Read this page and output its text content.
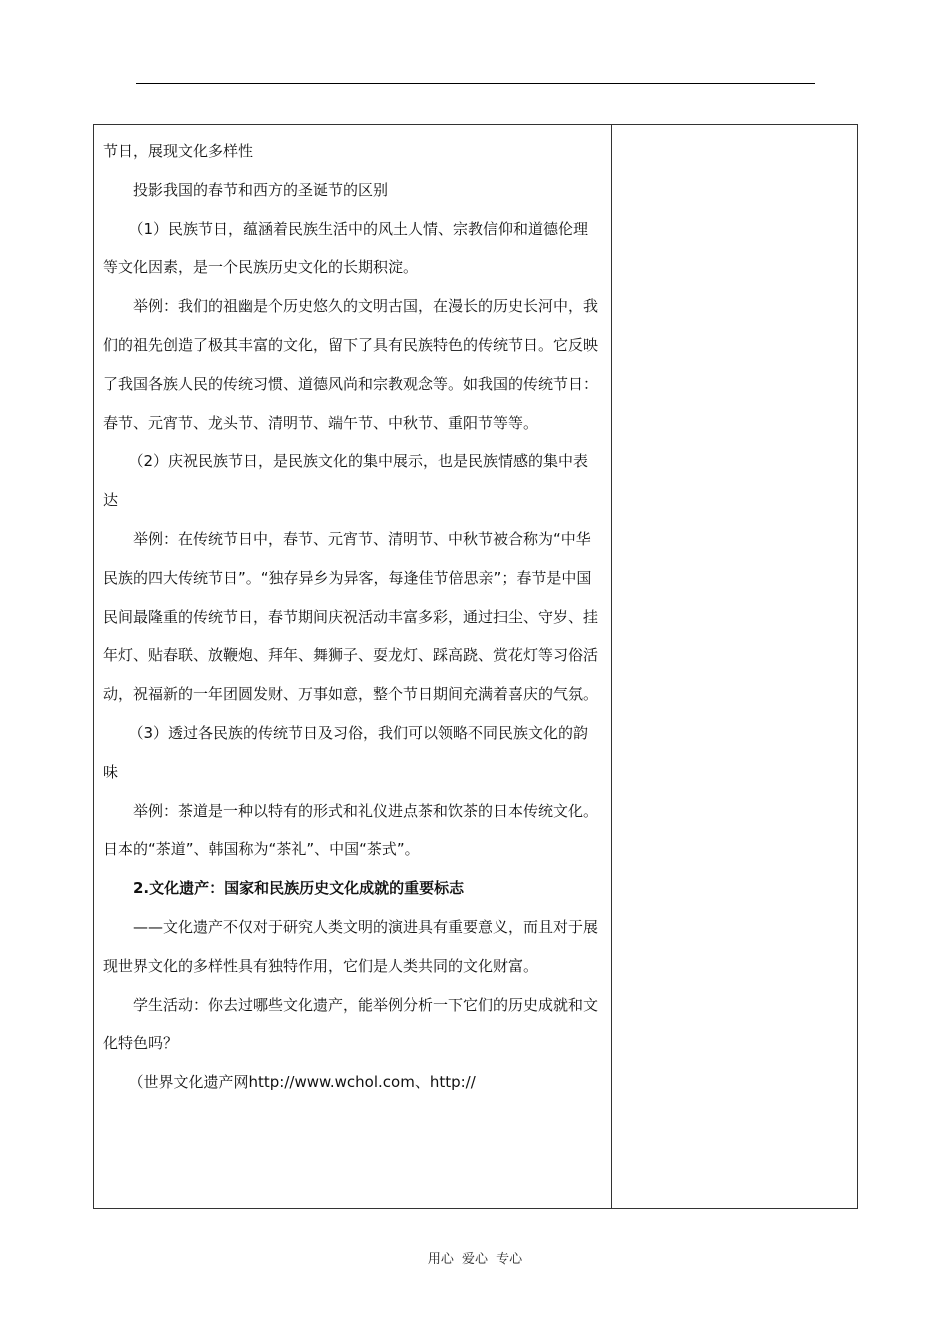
节日，展现文化多样性

投影我国的春节和西方的圣诞节的区别

（1）民族节日，蕴涵着民族生活中的风土人情、宗教信仰和道德伦理等文化因素，是一个民族历史文化的长期积淀。

举例：我们的祖幽是个历史悠久的文明古国，在漫长的历史长河中，我们的祖先创造了极其丰富的文化，留下了具有民族特色的传统节日。它反映了我国各族人民的传统习惯、道德风尚和宗教观念等。如我国的传统节日：春节、元宵节、龙头节、清明节、端午节、中秋节、重阳节等等。

（2）庆祝民族节日，是民族文化的集中展示，也是民族情感的集中表达

举例：在传统节日中，春节、元宵节、清明节、中秋节被合称为“中华民族的四大传统节日”。“独存异乡为异客，每逢佳节倍思亲”；春节是中国民间最隆重的传统节日，春节期间庆祝活动丰富多彩，通过扫尘、守岁、挂年灯、贴春联、放鞭炮、拜年、舞狮子、耍龙灯、踩高跷、赏花灯等习俗活动，祝福新的一年团圆发财、万事如意，整个节日期间充满着喜庆的气氛。

（3）透过各民族的传统节日及习俗，我们可以领略不同民族文化的韵味

举例：茶道是一种以特有的形式和礼仪进点茶和饮茶的日本传统文化。日本的“茶道”、韩国称为“茶礼”、中国“茶式”。

2.文化遗产：国家和民族历史文化成就的重要标志

——文化遗产不仅对于研究人类文明的演进具有重要意义，而且对于展现世界文化的多样性具有独特作用，它们是人类共同的文化财富。

学生活动：你去过哪些文化遗产，能举例分析一下它们的历史成就和文化特色吗？

（世界文化遗产网http://www.wchol.com、http://

用心 爱心 专心
